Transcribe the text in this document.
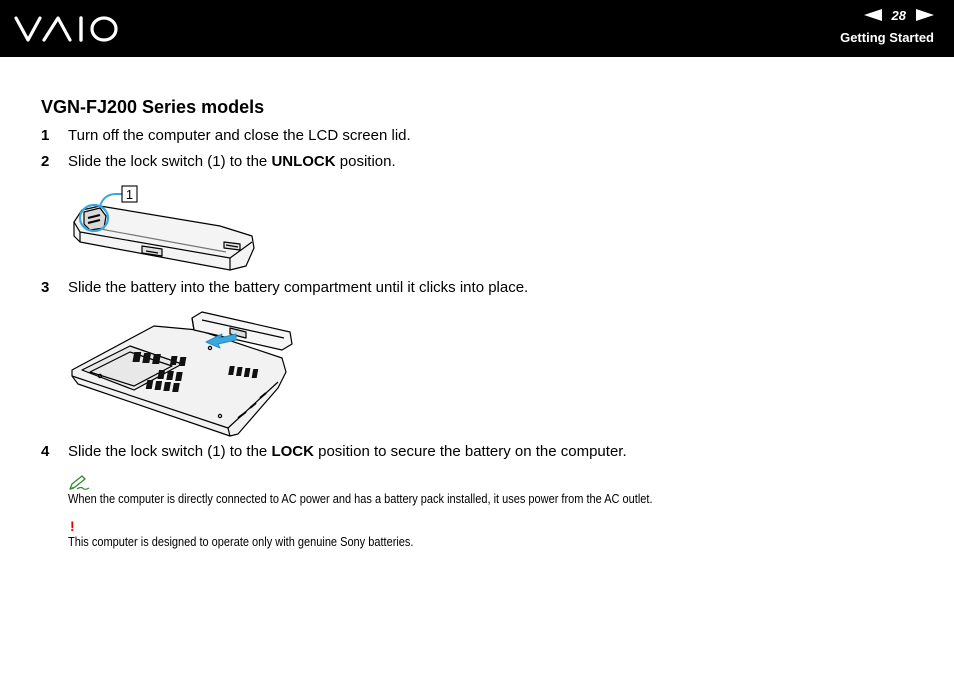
28
Getting Started
VGN-FJ200 Series models
1 Turn off the computer and close the LCD screen lid.
2 Slide the lock switch (1) to the UNLOCK position.
1
3 Slide the battery into the battery compartment until it clicks into place.
4 Slide the lock switch (1) to the LOCK position to secure the battery on the computer.
When the computer is directly connected to AC power and has a battery pack installed, it uses power from the AC outlet.
!
This computer is designed to operate only with genuine Sony batteries.
